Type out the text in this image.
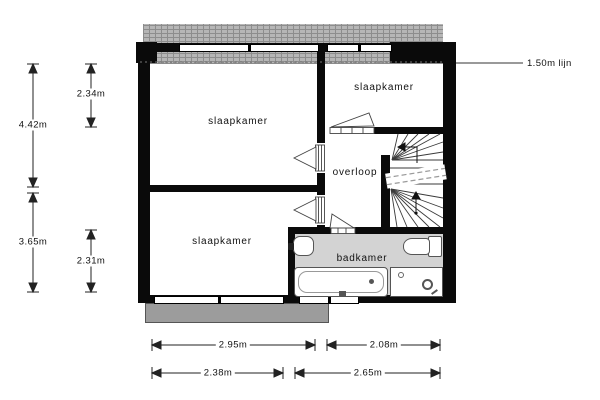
slaapkamer
slaapkamer
slaapkamer
overloop
badkamer
4.42m
2.34m
3.65m
2.31m
2.95m	2.08m
2.38m	2.65m
1.50m lijn
